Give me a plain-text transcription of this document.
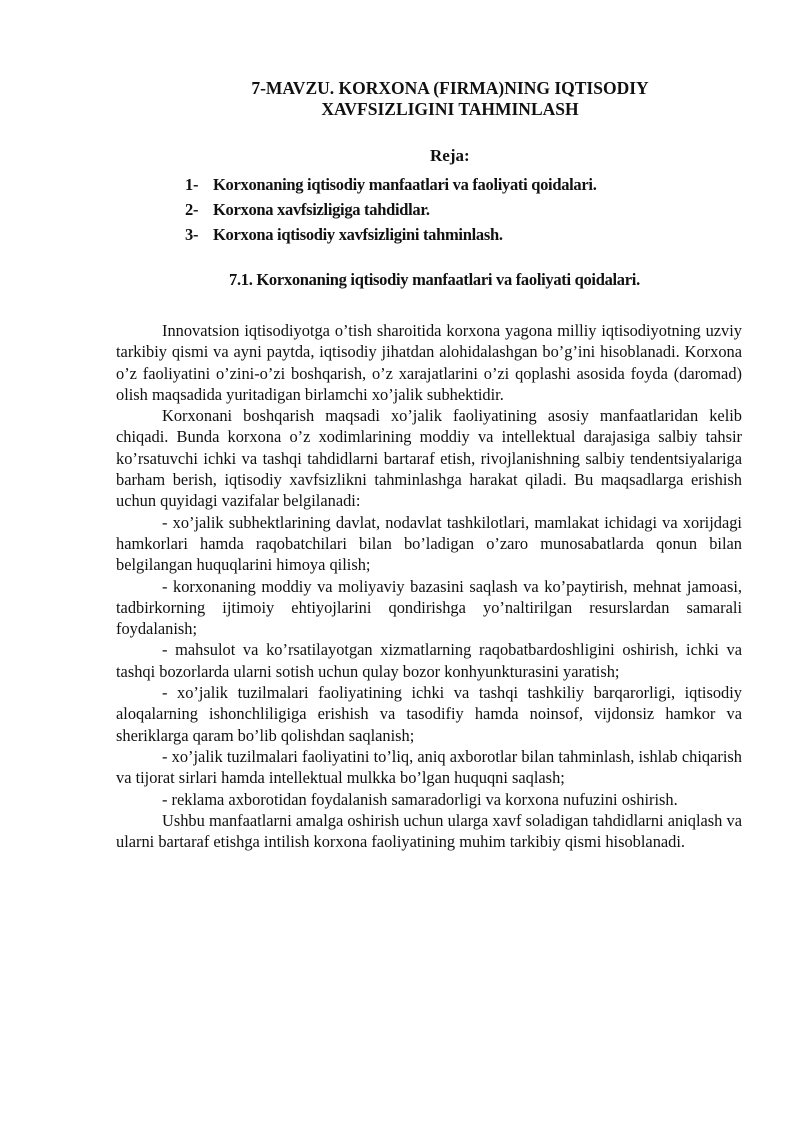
7-MAVZU. KORXONA (FIRMA)NING IQTISODIY
XAVFSIZLIGINI TAHMINLASH
Reja:
1- Korxonaning iqtisodiy manfaatlari va faoliyati qoidalari.
2- Korxona xavfsizligiga tahdidlar.
3- Korxona iqtisodiy xavfsizligini tahminlash.
7.1. Korxonaning iqtisodiy manfaatlari va faoliyati qoidalari.

Innovatsion iqtisodiyotga o’tish sharoitida korxona yagona milliy iqtisodiyotning uzviy tarkibiy qismi va ayni paytda, iqtisodiy jihatdan alohidalashgan bo’g’ini hisoblanadi. Korxona o’z faoliyatini o’zini-o’zi boshqarish, o’z xarajatlarini o’zi qoplashi asosida foyda (daromad) olish maqsadida yuritadigan birlamchi xo’jalik subhektidir.

Korxonani boshqarish maqsadi xo’jalik faoliyatining asosiy manfaatlaridan kelib chiqadi. Bunda korxona o’z xodimlarining moddiy va intellektual darajasiga salbiy tahsir ko’rsatuvchi ichki va tashqi tahdidlarni bartaraf etish, rivojlanishning salbiy tendentsiyalariga barham berish, iqtisodiy xavfsizlikni tahminlashga harakat qiladi. Bu maqsadlarga erishish uchun quyidagi vazifalar belgilanadi:

- xo’jalik subhektlarining davlat, nodavlat tashkilotlari, mamlakat ichidagi va xorijdagi hamkorlari hamda raqobatchilari bilan bo’ladigan o’zaro munosabatlarda qonun bilan belgilangan huquqlarini himoya qilish;

- korxonaning moddiy va moliyaviy bazasini saqlash va ko’paytirish, mehnat jamoasi, tadbirkorning ijtimoiy ehtiyojlarini qondirishga yo’naltirilgan resurslardan samarali foydalanish;

- mahsulot va ko’rsatilayotgan xizmatlarning raqobatbardoshligini oshirish, ichki va tashqi bozorlarda ularni sotish uchun qulay bozor konhyunkturasini yaratish;

- xo’jalik tuzilmalari faoliyatining ichki va tashqi tashkiliy barqarorligi, iqtisodiy aloqalarning ishonchliligiga erishish va tasodifiy hamda noinsof, vijdonsiz hamkor va sheriklarga qaram bo’lib qolishdan saqlanish;

- xo’jalik tuzilmalari faoliyatini to’liq, aniq axborotlar bilan tahminlash, ishlab chiqarish va tijorat sirlari hamda intellektual mulkka bo’lgan huquqni saqlash;

- reklama axborotidan foydalanish samaradorligi va korxona nufuzini oshirish.

Ushbu manfaatlarni amalga oshirish uchun ularga xavf soladigan tahdidlarni aniqlash va ularni bartaraf etishga intilish korxona faoliyatining muhim tarkibiy qismi hisoblanadi.
